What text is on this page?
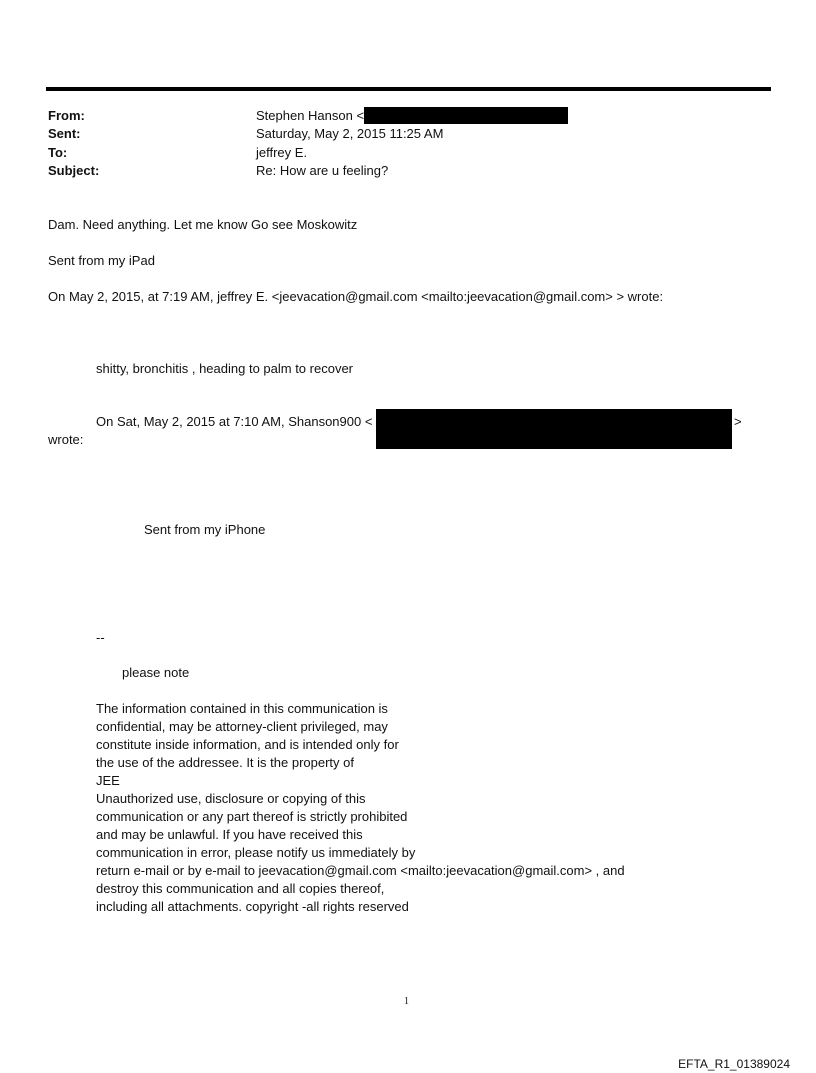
From:
Sent:
To:
Subject:
Stephen Hanson <
Saturday, May 2, 2015 11:25 AM
jeffrey E.
Re: How are u feeling?
Dam. Need anything. Let me know Go see Moskowitz
Sent from my iPad
On May 2, 2015, at 7:19 AM, jeffrey E. <jeevacation@gmail.com <mailto:jeevacation@gmail.com> > wrote:
shitty, bronchitis , heading to palm to recover
On Sat, May 2, 2015 at 7:10 AM, Shanson900 <	>
wrote:
Sent from my iPhone
--
please note
The information contained in this communication is
confidential, may be attorney-client privileged, may
constitute inside information, and is intended only for
the use of the addressee. It is the property of
JEE
Unauthorized use, disclosure or copying of this
communication or any part thereof is strictly prohibited
and may be unlawful. If you have received this
communication in error, please notify us immediately by
return e-mail or by e-mail to jeevacation@gmail.com <mailto:jeevacation@gmail.com> , and
destroy this communication and all copies thereof,
including all attachments. copyright -all rights reserved
1
EFTA_R1_01389024
